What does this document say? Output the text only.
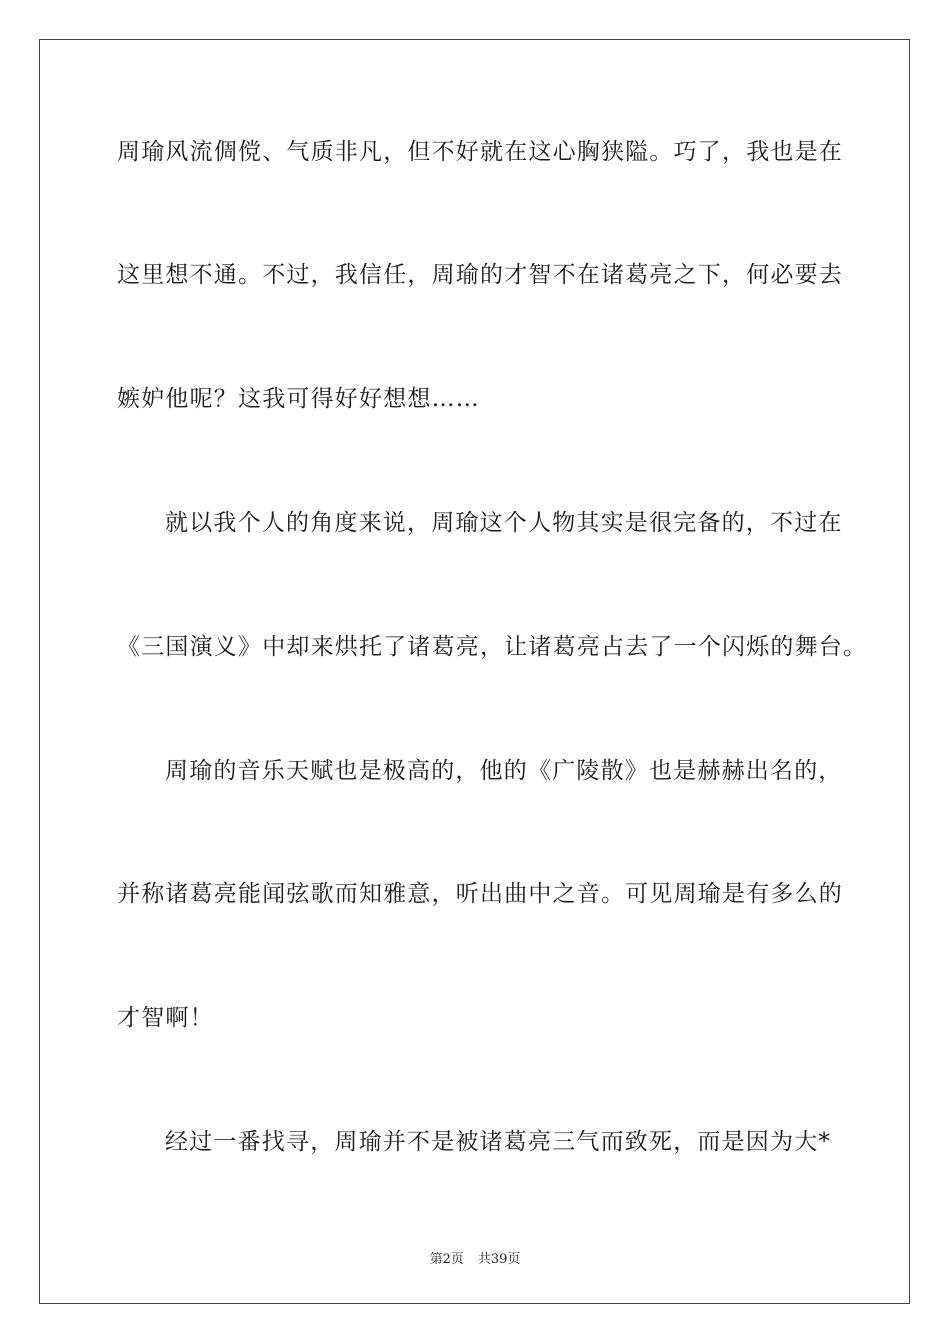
周瑜风流倜傥、气质非凡，但不好就在这心胸狭隘。巧了，我也是在
这里想不通。不过，我信任，周瑜的才智不在诸葛亮之下，何必要去
嫉妒他呢？这我可得好好想想……
就以我个人的角度来说，周瑜这个人物其实是很完备的，不过在
《三国演义》中却来烘托了诸葛亮，让诸葛亮占去了一个闪烁的舞台。
周瑜的音乐天赋也是极高的，他的《广陵散》也是赫赫出名的，
并称诸葛亮能闻弦歌而知雅意，听出曲中之音。可见周瑜是有多么的
才智啊！
经过一番找寻，周瑜并不是被诸葛亮三气而致死，而是因为大*
第2页 共39页
